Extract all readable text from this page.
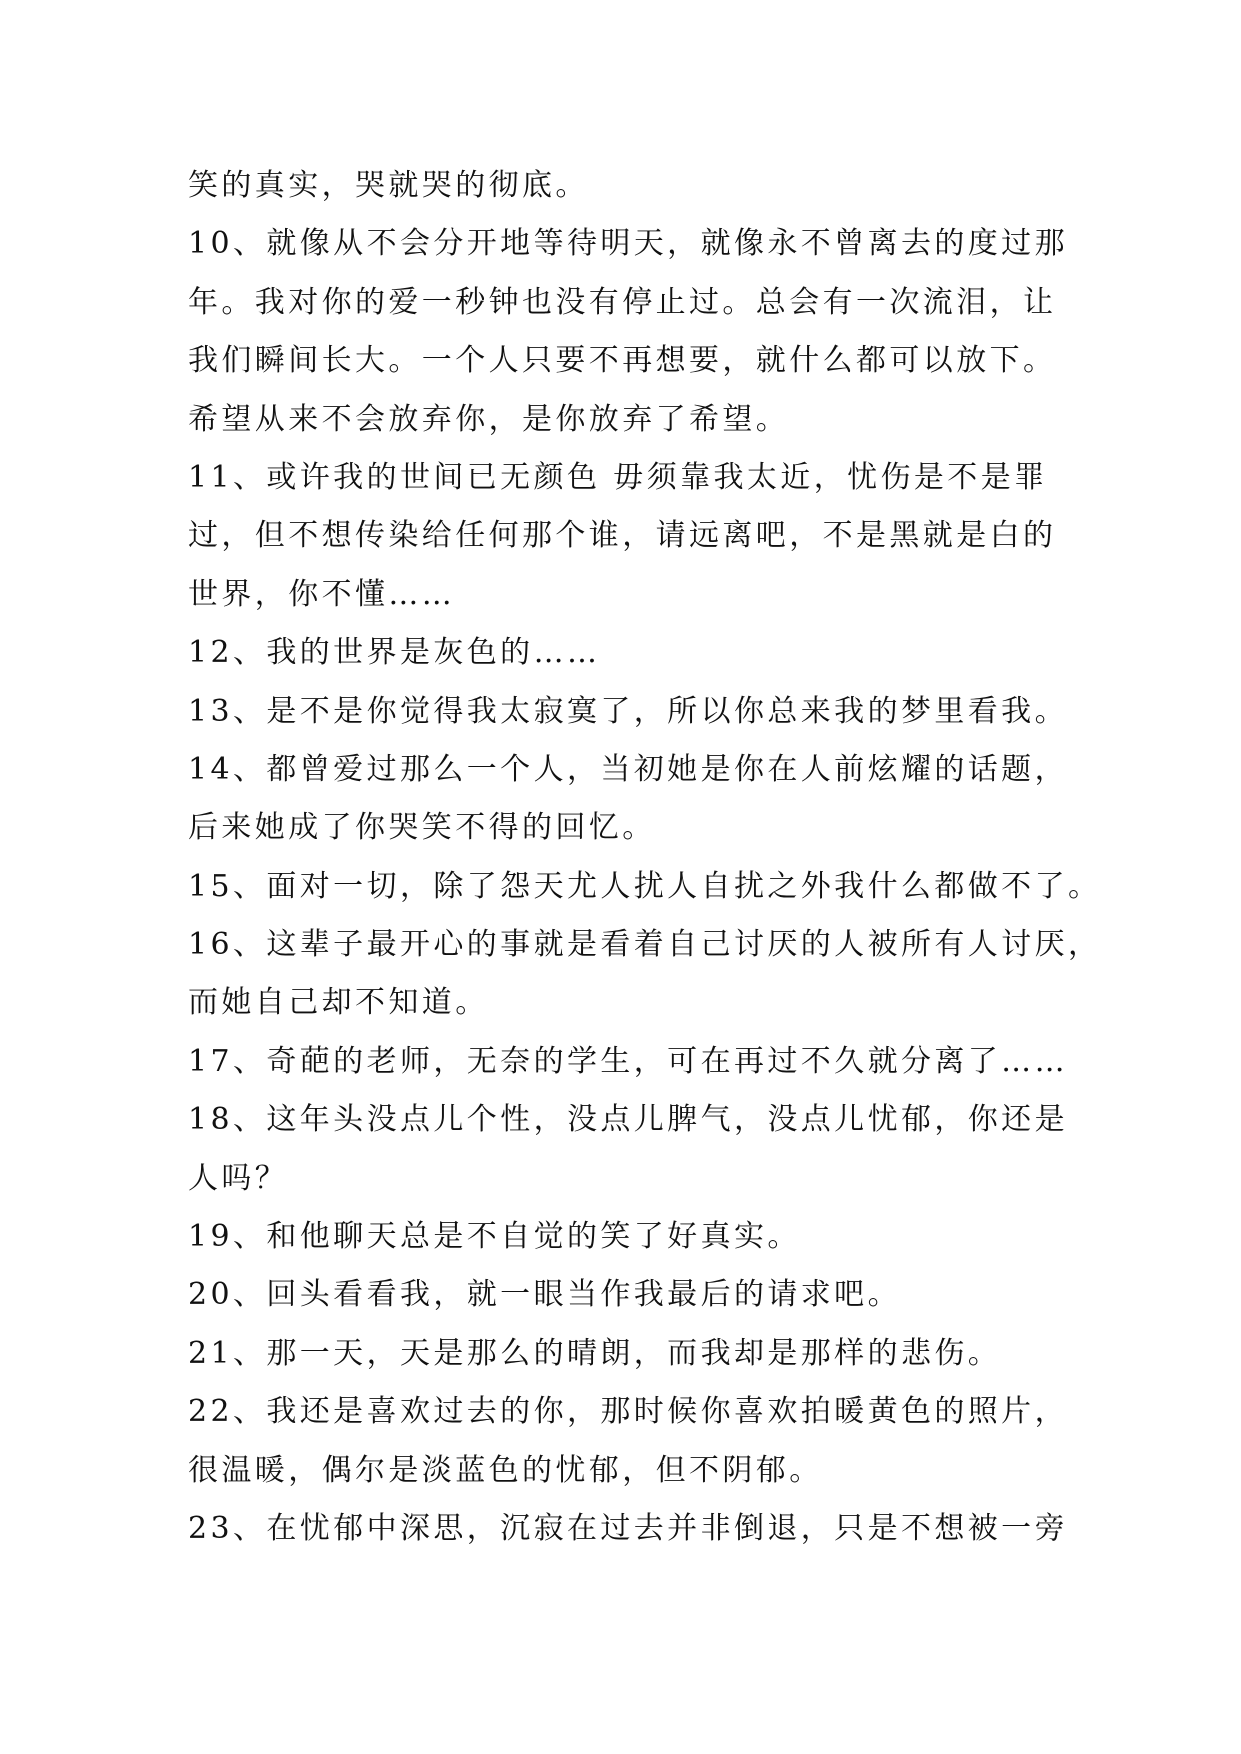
笑的真实，哭就哭的彻底。
10、就像从不会分开地等待明天，就像永不曾离去的度过那
年。我对你的爱一秒钟也没有停止过。总会有一次流泪，让
我们瞬间长大。一个人只要不再想要，就什么都可以放下。
希望从来不会放弃你，是你放弃了希望。
11、或许我的世间已无颜色 毋须靠我太近，忧伤是不是罪
过，但不想传染给任何那个谁，请远离吧，不是黑就是白的
世界，你不懂……
12、我的世界是灰色的……
13、是不是你觉得我太寂寞了，所以你总来我的梦里看我。
14、都曾爱过那么一个人，当初她是你在人前炫耀的话题，
后来她成了你哭笑不得的回忆。
15、面对一切，除了怨天尤人扰人自扰之外我什么都做不了。
16、这辈子最开心的事就是看着自己讨厌的人被所有人讨厌，
而她自己却不知道。
17、奇葩的老师，无奈的学生，可在再过不久就分离了……
18、这年头没点儿个性，没点儿脾气，没点儿忧郁，你还是
人吗？
19、和他聊天总是不自觉的笑了好真实。
20、回头看看我，就一眼当作我最后的请求吧。
21、那一天，天是那么的晴朗，而我却是那样的悲伤。
22、我还是喜欢过去的你，那时候你喜欢拍暖黄色的照片，
很温暖，偶尔是淡蓝色的忧郁，但不阴郁。
23、在忧郁中深思，沉寂在过去并非倒退，只是不想被一旁
